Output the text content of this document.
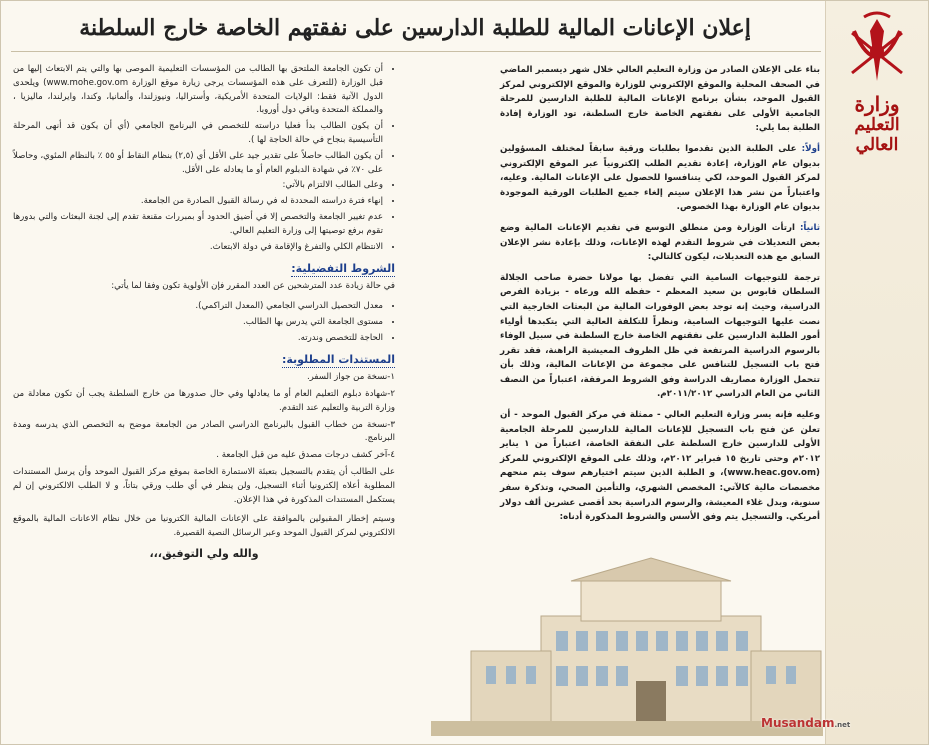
وزارة
التعليم العالي
إعلان الإعانات المالية للطلبة الدارسين على نفقتهم الخاصة خارج السلطنة

بناء على الإعلان الصادر من وزارة التعليم العالي خلال شهر ديسمبر الماضي في الصحف المحلية والموقع الإلكتروني للوزارة والموقع الإلكتروني لمركز القبول الموحد، بشأن برنامج الإعانات المالية للطلبة الدارسين للمرحلة الجامعية الأولى على نفقتهم الخاصة خارج السلطنة، تود الوزارة إفادة الطلبة بما يلي:

أولاً: على الطلبة الذين تقدموا بطلبات ورقية سابقاً لمختلف المسؤولين بديوان عام الوزارة، إعادة تقديم الطلب إلكترونياً عبر الموقع الإلكتروني لمركز القبول الموحد، لكي يتنافسوا للحصول على الإعانات المالية. وعليه، واعتباراً من نشر هذا الإعلان سيتم إلغاء جميع الطلبات الورقية الموجودة بديوان عام الوزارة بهذا الخصوص.

ثانياً: ارتأت الوزارة ومن منطلق التوسع في تقديم الإعانات المالية وضع بعض التعديلات في شروط التقدم لهذه الإعانات، وذلك بإعادة نشر الإعلان السابق مع هذه التعديلات، ليكون كالتالي:

ترجمة للتوجيهات السامية التي تفضل بها مولانا حضرة صاحب الجلالة السلطان قابوس بن سعيد المعظم - حفظه الله ورعاه - بزيادة الفرص الدراسية، وحيث إنه توجد بعض الوفورات المالية من البعثات الخارجية التي نصت عليها التوجيهات السامية، ونظراً للتكلفة العالية التي يتكبدها أولياء أمور الطلبة الدارسين على نفقتهم الخاصة خارج السلطنة في سبيل الوفاء بالرسوم الدراسية المرتفعة في ظل الظروف المعيشية الراهنة، فقد تقرر فتح باب التسجيل للتنافس على مجموعة من الإعانات المالية، وذلك بأن تتحمل الوزارة مصاريف الدراسة وفق الشروط المرفقة، اعتباراً من النصف الثاني من العام الدراسي ٢٠١١/٢٠١٢م.

وعليه فإنه يسر وزارة التعليم العالي - ممثلة في مركز القبول الموحد - أن تعلن عن فتح باب التسجيل للإعانات المالية للدارسين للمرحلة الجامعية الأولى للدارسين خارج السلطنة على النفقة الخاصة، اعتباراً من ١ يناير ٢٠١٢م وحتى تاريخ ١٥ فبراير ٢٠١٢م، وذلك على الموقع الإلكتروني للمركز (www.heac.gov.om)، و الطلبة الذين سيتم اختيارهم سوف يتم منحهم مخصصات مالية كالآتي: المخصص الشهري، والتأمين الصحي، وتذكرة سفر سنوية، وبدل غلاء المعيشة، والرسوم الدراسية بحد أقصى عشرين ألف دولار أمريكي. والتسجيل يتم وفق الأسس والشروط المذكورة أدناه:

•
•
• أن تكون الجامعة الملتحق بها الطالب من المؤسسات التعليمية الموصى بها والتي يتم الابتعاث إليها من قبل الوزارة (للتعرف على هذه المؤسسات يرجى زيارة موقع الوزارة www.mohe.gov.om) ويلحدى الدول الآتية فقط: الولايات المتحدة الأمريكية، وأستراليا، ونيوزلندا، وألمانيا، وكندا، وايرلندا، ماليزيا ، والمملكة المتحدة وباقي دول أوروبا.
• أن يكون الطالب بدأ فعليا دراسته للتخصص في البرنامج الجامعي (أي أن يكون قد أنهى المرحلة التأسيسية بنجاح في حالة الحاجة لها ).
• أن يكون الطالب حاصلاً على تقدير جيد على الأقل أي (٢,٥) بنظام النقاط أو ٥٥ ٪ بالنظام المئوي، وحاصلاً على ٧٠٪ في شهادة الدبلوم العام أو ما يعادله على الأقل.
• وعلى الطالب الالتزام بالآتي:
• إنهاء فترة دراسته المحددة له في رسالة القبول الصادرة من الجامعة.
• عدم تغيير الجامعة والتخصص إلا في أضيق الحدود أو بمبررات مقنعة تقدم إلى لجنة البعثات والتي بدورها تقوم برفع توصيتها إلى وزارة التعليم العالي.
• الانتظام الكلي والتفرغ والإقامة في دولة الابتعاث.
الشروط التفضيلية:

في حالة زيادة عدد المترشحين عن العدد المقرر فإن الأولوية تكون وفقا لما يأتي:

• معدل التحصيل الدراسي الجامعي (المعدل التراكمي).
• مستوى الجامعة التي يدرس بها الطالب.
• الحاجة للتخصص وندرته.
المستندات المطلوبة:
١-نسخة من جواز السفر.
٢-شهادة دبلوم التعليم العام أو ما يعادلها وفي حال صدورها من خارج السلطنة يجب أن تكون معادلة من وزارة التربية والتعليم عند التقدم.
٣-نسخة من خطاب القبول بالبرنامج الدراسي الصادر من الجامعة موضح به التخصص الذي يدرسه ومدة البرنامج.
٤-آخر كشف درجات مصدق عليه من قبل الجامعة .

على الطالب أن يتقدم بالتسجيل بتعبئة الاستمارة الخاصة بموقع مركز القبول الموحد وأن يرسل المستندات المطلوبة أعلاه إلكترونيا أثناء التسجيل، ولن ينظر في أي طلب ورقي بتاتاً، و لا الطلب الالكتروني إن لم يستكمل المستندات المذكورة في هذا الإعلان.

وسيتم إخطار المقبولين بالموافقة على الإعانات المالية الكترونيا من خلال نظام الاعانات المالية بالموقع الالكتروني لمركز القبول الموحد وعبر الرسائل النصية القصيرة.

والله ولي التوفيق،،،
Musandam.net
